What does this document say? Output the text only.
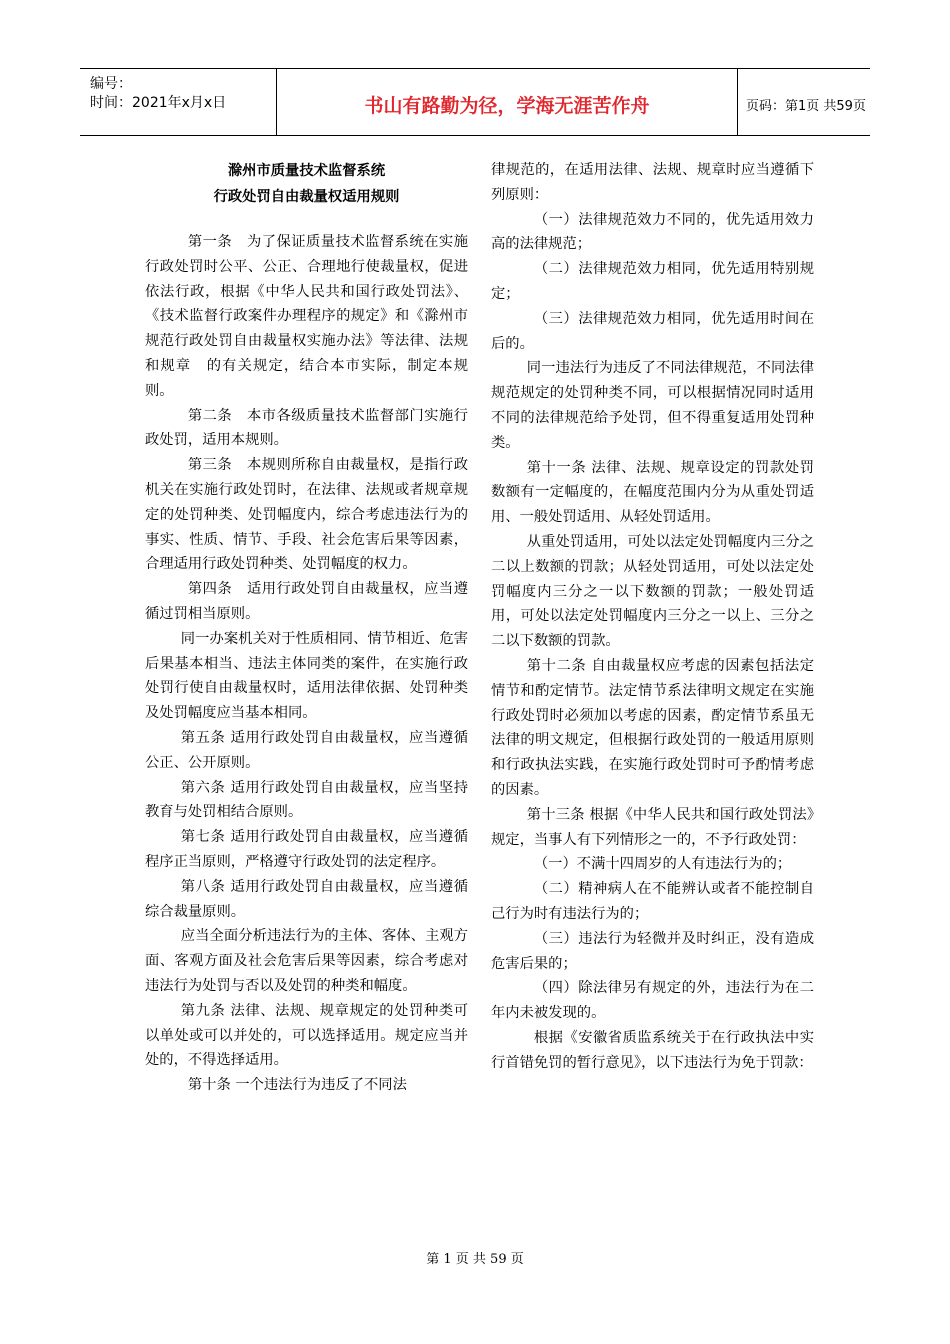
编号：
时间：2021年x月x日	书山有路勤为径，学海无涯苦作舟	页码：第1页 共59页

滁州市质量技术监督系统

行政处罚自由裁量权适用规则

第一条　为了保证质量技术监督系统在实施行政处罚时公平、公正、合理地行使裁量权，促进依法行政，根据《中华人民共和国行政处罚法》、《技术监督行政案件办理程序的规定》和《滁州市规范行政处罚自由裁量权实施办法》等法律、法规和规章　的有关规定，结合本市实际，制定本规则。

第二条　本市各级质量技术监督部门实施行政处罚，适用本规则。

第三条　本规则所称自由裁量权，是指行政机关在实施行政处罚时，在法律、法规或者规章规定的处罚种类、处罚幅度内，综合考虑违法行为的事实、性质、情节、手段、社会危害后果等因素，合理适用行政处罚种类、处罚幅度的权力。

第四条　适用行政处罚自由裁量权，应当遵循过罚相当原则。

同一办案机关对于性质相同、情节相近、危害后果基本相当、违法主体同类的案件，在实施行政处罚行使自由裁量权时，适用法律依据、处罚种类及处罚幅度应当基本相同。

第五条 适用行政处罚自由裁量权，应当遵循公正、公开原则。

第六条 适用行政处罚自由裁量权，应当坚持教育与处罚相结合原则。

第七条 适用行政处罚自由裁量权，应当遵循程序正当原则，严格遵守行政处罚的法定程序。

第八条 适用行政处罚自由裁量权，应当遵循综合裁量原则。

应当全面分析违法行为的主体、客体、主观方面、客观方面及社会危害后果等因素，综合考虑对违法行为处罚与否以及处罚的种类和幅度。

第九条 法律、法规、规章规定的处罚种类可以单处或可以并处的，可以选择适用。规定应当并处的，不得选择适用。

第十条 一个违法行为违反了不同法

律规范的，在适用法律、法规、规章时应当遵循下列原则：

（一）法律规范效力不同的，优先适用效力高的法律规范；

（二）法律规范效力相同，优先适用特别规定；

（三）法律规范效力相同，优先适用时间在后的。

同一违法行为违反了不同法律规范，不同法律规范规定的处罚种类不同，可以根据情况同时适用不同的法律规范给予处罚，但不得重复适用处罚种类。

第十一条 法律、法规、规章设定的罚款处罚数额有一定幅度的，在幅度范围内分为从重处罚适用、一般处罚适用、从轻处罚适用。

从重处罚适用，可处以法定处罚幅度内三分之二以上数额的罚款；从轻处罚适用，可处以法定处罚幅度内三分之一以下数额的罚款；一般处罚适用，可处以法定处罚幅度内三分之一以上、三分之二以下数额的罚款。

第十二条 自由裁量权应考虑的因素包括法定情节和酌定情节。法定情节系法律明文规定在实施行政处罚时必须加以考虑的因素，酌定情节系虽无法律的明文规定，但根据行政处罚的一般适用原则和行政执法实践，在实施行政处罚时可予酌情考虑的因素。

第十三条 根据《中华人民共和国行政处罚法》规定，当事人有下列情形之一的，不予行政处罚：

（一）不满十四周岁的人有违法行为的；

（二）精神病人在不能辨认或者不能控制自己行为时有违法行为的；

（三）违法行为轻微并及时纠正，没有造成危害后果的；

（四）除法律另有规定的外，违法行为在二年内未被发现的。

根据《安徽省质监系统关于在行政执法中实行首错免罚的暂行意见》，以下违法行为免于罚款：

第 1 页 共 59 页
